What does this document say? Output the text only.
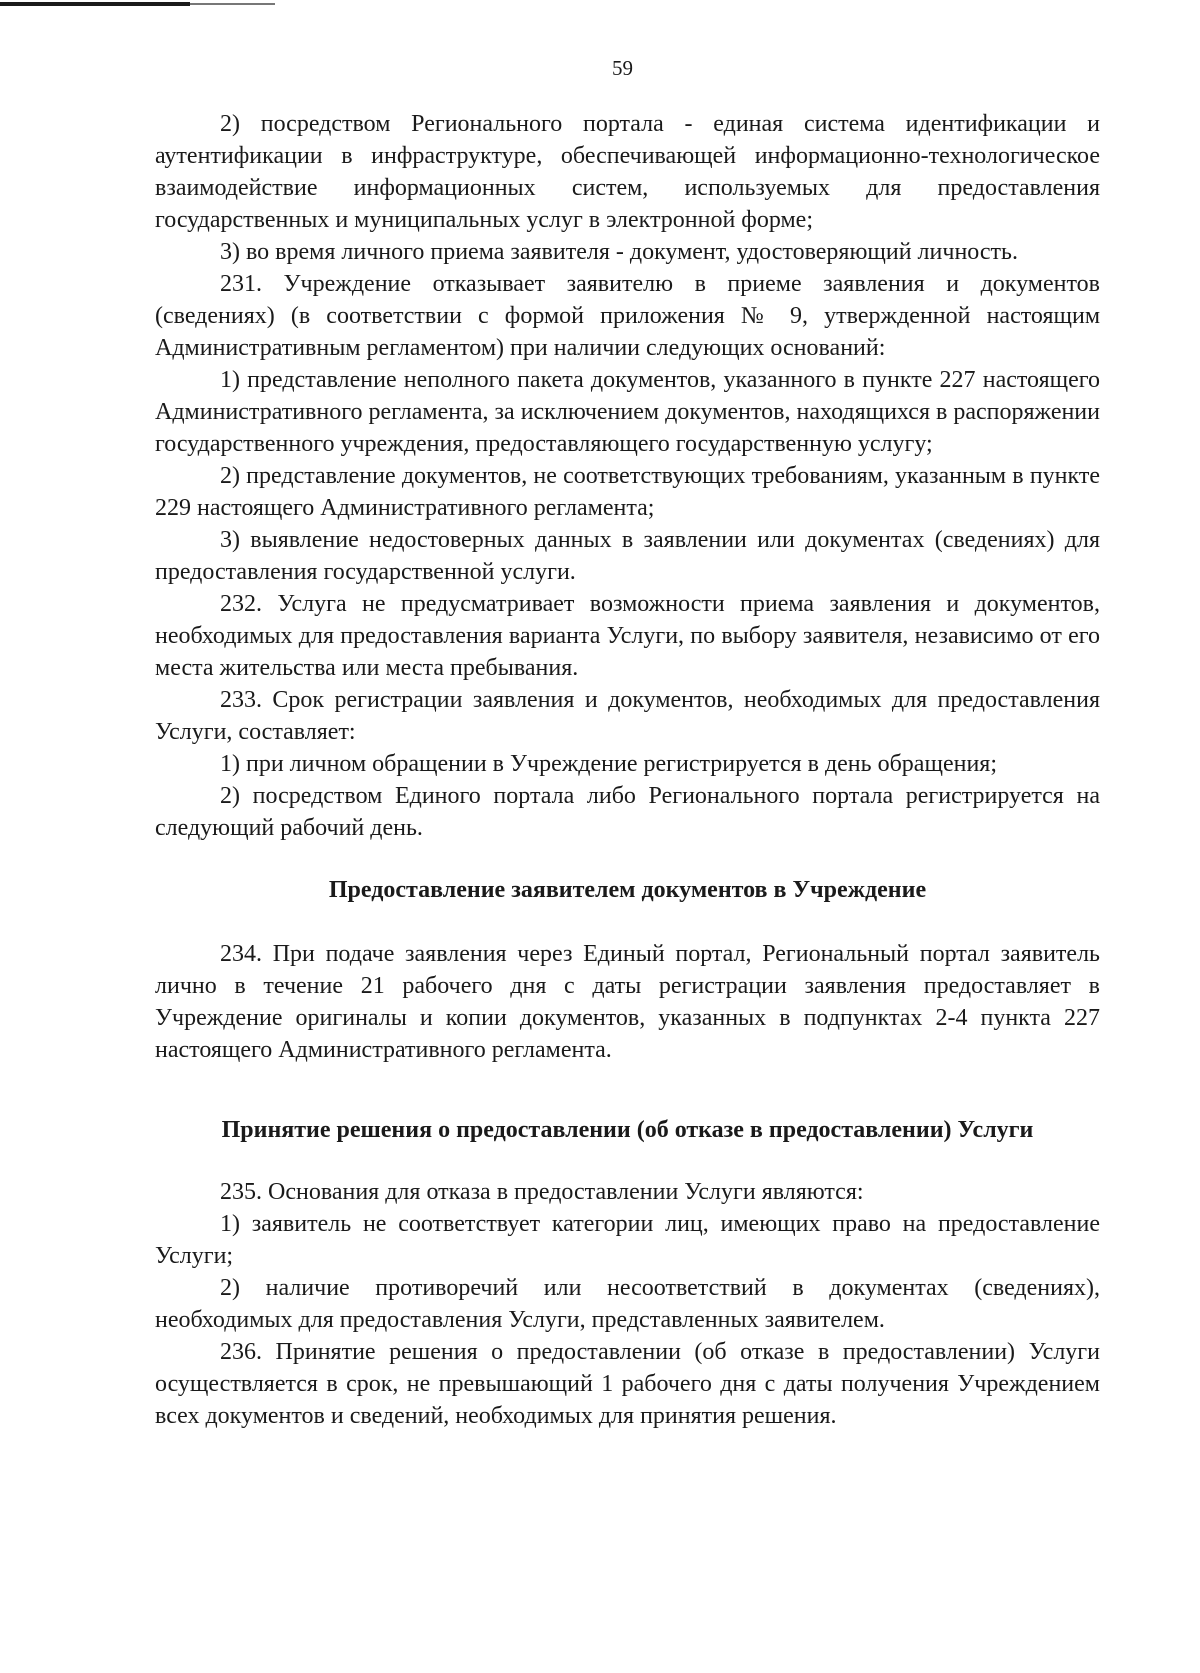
59

2) посредством Регионального портала - единая система идентификации и аутентификации в инфраструктуре, обеспечивающей информационно-технологическое взаимодействие информационных систем, используемых для предоставления государственных и муниципальных услуг в электронной форме;

3) во время личного приема заявителя - документ, удостоверяющий личность.

231. Учреждение отказывает заявителю в приеме заявления и документов (сведениях) (в соответствии с формой приложения № 9, утвержденной настоящим Административным регламентом) при наличии следующих оснований:

1) представление неполного пакета документов, указанного в пункте 227 настоящего Административного регламента, за исключением документов, находящихся в распоряжении государственного учреждения, предоставляющего государственную услугу;

2) представление документов, не соответствующих требованиям, указанным в пункте 229 настоящего Административного регламента;

3) выявление недостоверных данных в заявлении или документах (сведениях) для предоставления государственной услуги.

232. Услуга не предусматривает возможности приема заявления и документов, необходимых для предоставления варианта Услуги, по выбору заявителя, независимо от его места жительства или места пребывания.

233. Срок регистрации заявления и документов, необходимых для предоставления Услуги, составляет:

1) при личном обращении в Учреждение регистрируется в день обращения;

2) посредством Единого портала либо Регионального портала регистрируется на следующий рабочий день.

Предоставление заявителем документов в Учреждение

234. При подаче заявления через Единый портал, Региональный портал заявитель лично в течение 21 рабочего дня с даты регистрации заявления предоставляет в Учреждение оригиналы и копии документов, указанных в подпунктах 2-4 пункта 227 настоящего Административного регламента.

Принятие решения о предоставлении (об отказе в предоставлении) Услуги

235. Основания для отказа в предоставлении Услуги являются:

1) заявитель не соответствует категории лиц, имеющих право на предоставление Услуги;

2) наличие противоречий или несоответствий в документах (сведениях), необходимых для предоставления Услуги, представленных заявителем.

236. Принятие решения о предоставлении (об отказе в предоставлении) Услуги осуществляется в срок, не превышающий 1 рабочего дня с даты получения Учреждением всех документов и сведений, необходимых для принятия решения.
